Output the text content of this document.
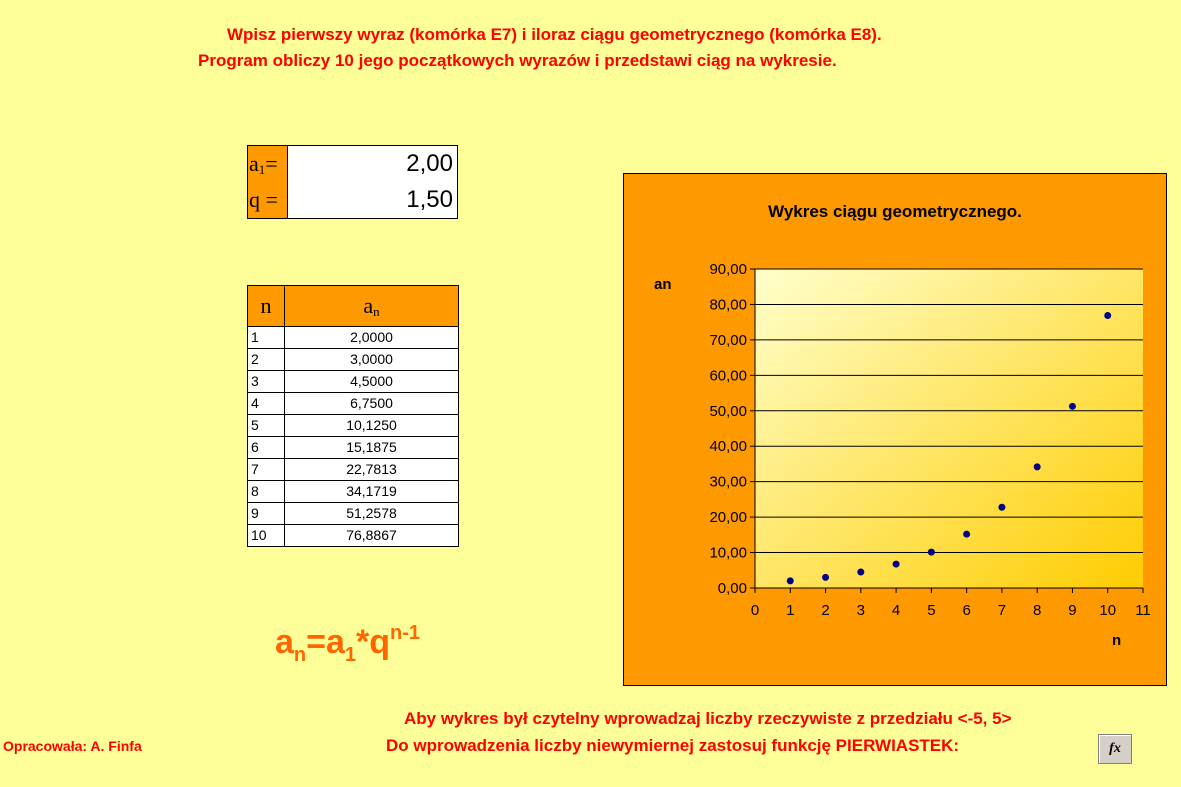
Wpisz pierwszy wyraz (komórka E7) i iloraz ciągu geometrycznego (komórka E8).
Program obliczy 10 jego początkowych wyrazów i przedstawi ciąg na wykresie.
$a_1=$	2,00
q =	1,50
n	$a_n$
1	2,0000
2	3,0000
3	4,5000
4	6,7500
5	10,1250
6	15,1875
7	22,7813
8	34,1719
9	51,2578
10	76,8867
$a_n=a_1*q^{n-1}$
Wykres ciągu geometrycznego.
an
n
0,00
10,00
20,00
30,00
40,00
50,00
60,00
70,00
80,00
90,00
0 1 2 3 4 5 6 7 8 9 10 11
Opracowała: A. Finfa
Aby wykres był czytelny wprowadzaj liczby rzeczywiste z przedziału <-5, 5>
Do wprowadzenia liczby niewymiernej zastosuj funkcję PIERWIASTEK:	fx
